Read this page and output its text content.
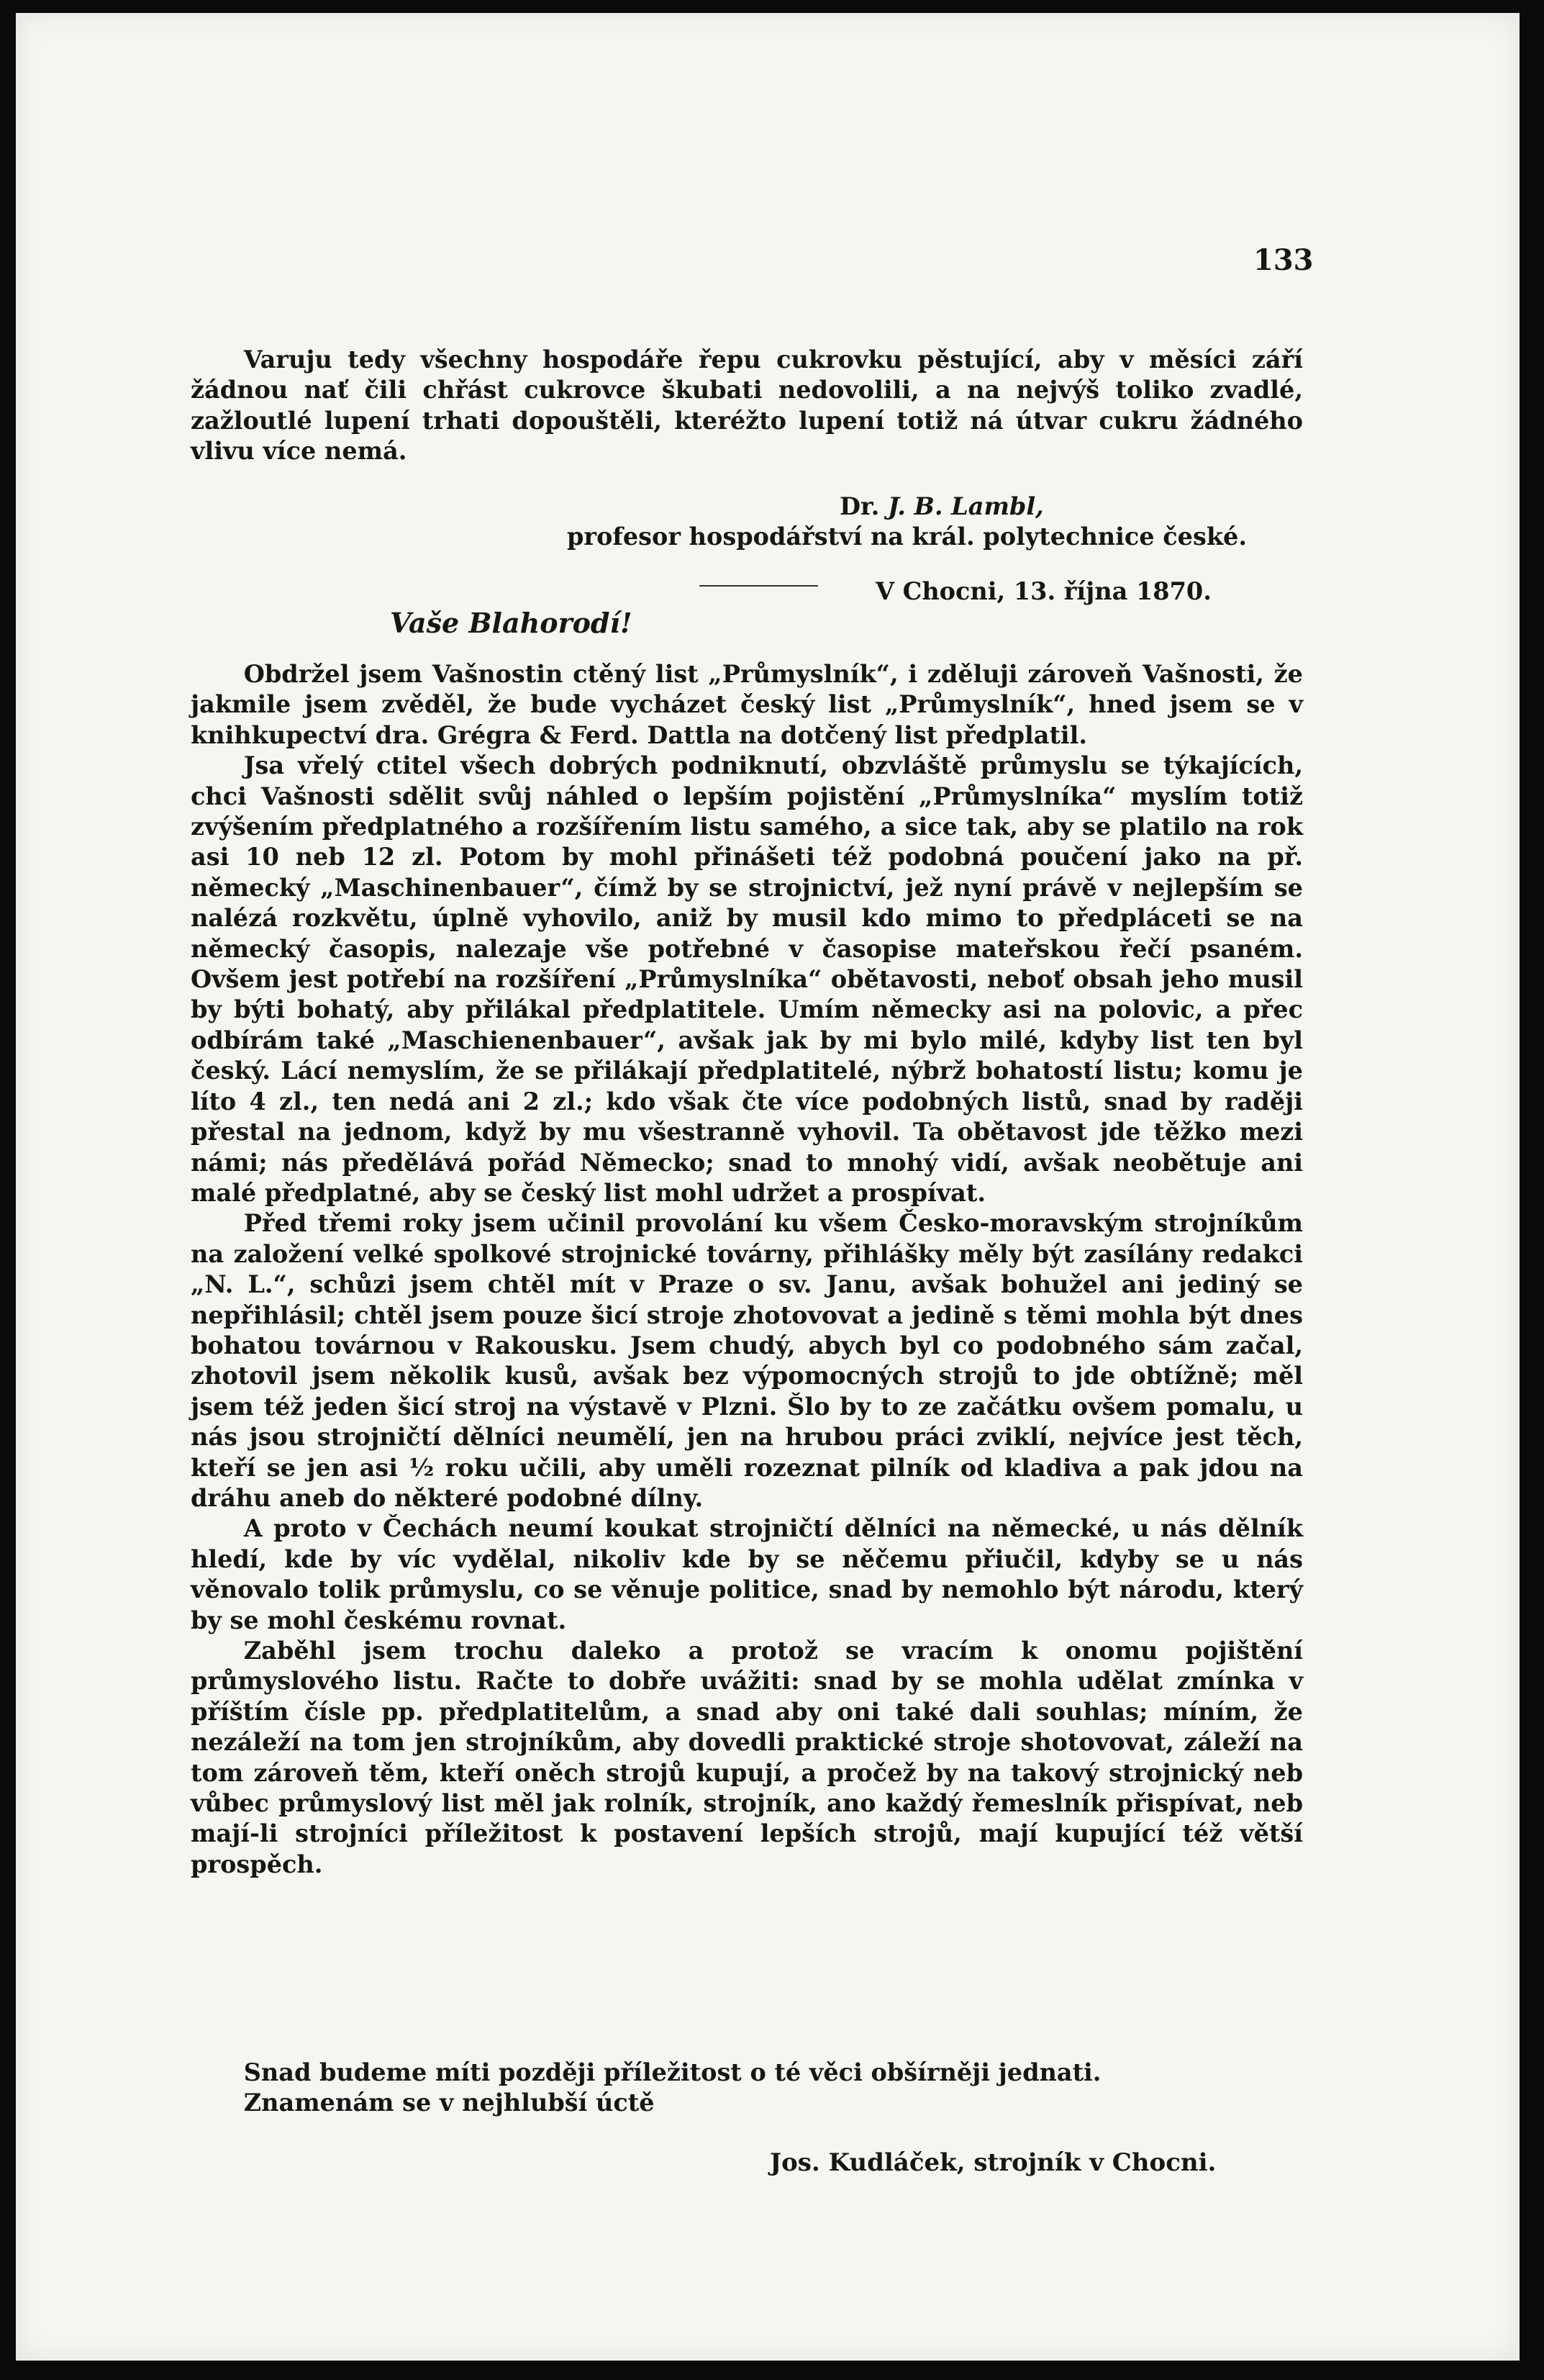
133

Varuju tedy všechny hospodáře řepu cukrovku pěstující, aby v měsíci září žádnou nať čili chřást cukrovce škubati nedovolili, a na nejvýš toliko zvadlé, zažloutlé lupení trhati dopouštěli, kteréžto lupení totiž ná útvar cukru žádného vlivu více nemá.

Dr. J. B. Lambl,
profesor hospodářství na král. polytechnice české.
V Chocni, 13. října 1870.
Vaše Blahorodí!

Obdržel jsem Vašnostin ctěný list „Průmyslník“, i zděluji zároveň Vašnosti, že jakmile jsem zvěděl, že bude vycházet český list „Průmyslník“, hned jsem se v knihkupectví dra. Grégra & Ferd. Dattla na dotčený list předplatil.

Jsa vřelý ctitel všech dobrých podniknutí, obzvláště průmyslu se týkajících, chci Vašnosti sdělit svůj náhled o lepším pojistění „Průmyslníka“ myslím totiž zvýšením předplatného a rozšířením listu samého, a sice tak, aby se platilo na rok asi 10 neb 12 zl. Potom by mohl přinášeti též podobná poučení jako na př. německý „Maschinenbauer“, čímž by se strojnictví, jež nyní právě v nejlepším se nalézá rozkvětu, úplně vyhovilo, aniž by musil kdo mimo to předpláceti se na německý časopis, nalezaje vše potřebné v časopise mateřskou řečí psaném. Ovšem jest potřebí na rozšíření „Průmyslníka“ obětavosti, neboť obsah jeho musil by býti bohatý, aby přilákal předplatitele. Umím německy asi na polovic, a přec odbírám také „Maschienenbauer“, avšak jak by mi bylo milé, kdyby list ten byl český. Lácí nemyslím, že se přilákají předplatitelé, nýbrž bohatostí listu; komu je líto 4 zl., ten nedá ani 2 zl.; kdo však čte více podobných listů, snad by raději přestal na jednom, když by mu všestranně vyhovil. Ta obětavost jde těžko mezi námi; nás předělává pořád Německo; snad to mnohý vidí, avšak neobětuje ani malé předplatné, aby se český list mohl udržet a prospívat.

Před třemi roky jsem učinil provolání ku všem Česko-moravským strojníkům na založení velké spolkové strojnické továrny, přihlášky měly být zasílány redakci „N. L.“, schůzi jsem chtěl mít v Praze o sv. Janu, avšak bohužel ani jediný se nepřihlásil; chtěl jsem pouze šicí stroje zhotovovat a jedině s těmi mohla být dnes bohatou továrnou v Rakousku. Jsem chudý, abych byl co podobného sám začal, zhotovil jsem několik kusů, avšak bez výpomocných strojů to jde obtížně; měl jsem též jeden šicí stroj na výstavě v Plzni. Šlo by to ze začátku ovšem pomalu, u nás jsou strojničtí dělníci neumělí, jen na hrubou práci zviklí, nejvíce jest těch, kteří se jen asi ½ roku učili, aby uměli rozeznat pilník od kladiva a pak jdou na dráhu aneb do některé podobné dílny.

A proto v Čechách neumí koukat strojničtí dělníci na německé, u nás dělník hledí, kde by víc vydělal, nikoliv kde by se něčemu přiučil, kdyby se u nás věnovalo tolik průmyslu, co se věnuje politice, snad by nemohlo být národu, který by se mohl českému rovnat.

Zaběhl jsem trochu daleko a protož se vracím k onomu pojištění průmyslového listu. Račte to dobře uvážiti: snad by se mohla udělat zmínka v příštím čísle pp. předplatitelům, a snad aby oni také dali souhlas; míním, že nezáleží na tom jen strojníkům, aby dovedli praktické stroje shotovovat, záleží na tom zároveň těm, kteří oněch strojů kupují, a pročež by na takový strojnický neb vůbec průmyslový list měl jak rolník, strojník, ano každý řemeslník přispívat, neb mají-li strojníci příležitost k postavení lepších strojů, mají kupující též větší prospěch.

Snad budeme míti později příležitost o té věci obšírněji jednati.

Znamenám se v nejhlubší úctě

Jos. Kudláček, strojník v Chocni.
